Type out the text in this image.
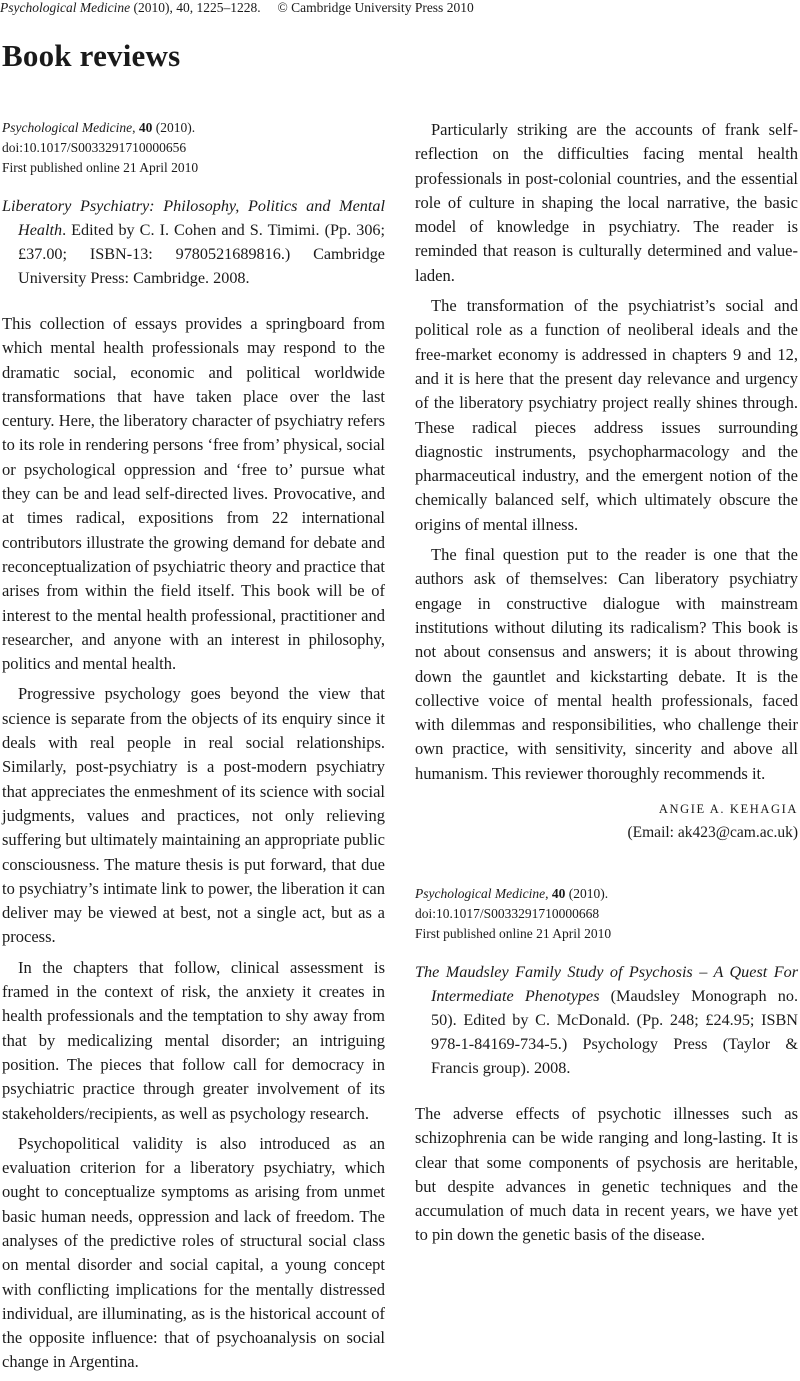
Psychological Medicine (2010), 40, 1225–1228. © Cambridge University Press 2010
Book reviews

Psychological Medicine, 40 (2010).

doi:10.1017/S0033291710000656

First published online 21 April 2010

Liberatory Psychiatry: Philosophy, Politics and Mental Health. Edited by C. I. Cohen and S. Timimi. (Pp. 306; £37.00; ISBN-13: 9780521689816.) Cambridge University Press: Cambridge. 2008.

This collection of essays provides a springboard from which mental health professionals may respond to the dramatic social, economic and political worldwide transformations that have taken place over the last century. Here, the liberatory character of psychiatry refers to its role in rendering persons ‘free from’ physical, social or psychological oppression and ‘free to’ pursue what they can be and lead self-directed lives. Provocative, and at times radical, expositions from 22 international contributors illustrate the growing demand for debate and reconceptualization of psychiatric theory and practice that arises from within the field itself. This book will be of interest to the mental health professional, practitioner and researcher, and anyone with an interest in philosophy, politics and mental health.

Progressive psychology goes beyond the view that science is separate from the objects of its enquiry since it deals with real people in real social relationships. Similarly, post-psychiatry is a post-modern psychiatry that appreciates the enmeshment of its science with social judgments, values and practices, not only relieving suffering but ultimately maintaining an appropriate public consciousness. The mature thesis is put forward, that due to psychiatry’s intimate link to power, the liberation it can deliver may be viewed at best, not a single act, but as a process.

In the chapters that follow, clinical assessment is framed in the context of risk, the anxiety it creates in health professionals and the temptation to shy away from that by medicalizing mental disorder; an intriguing position. The pieces that follow call for democracy in psychiatric practice through greater involvement of its stakeholders/recipients, as well as psychology research.

Psychopolitical validity is also introduced as an evaluation criterion for a liberatory psychiatry, which ought to conceptualize symptoms as arising from unmet basic human needs, oppression and lack of freedom. The analyses of the predictive roles of structural social class on mental disorder and social capital, a young concept with conflicting implications for the mentally distressed individual, are illuminating, as is the historical account of the opposite influence: that of psychoanalysis on social change in Argentina.

Particularly striking are the accounts of frank self-reflection on the difficulties facing mental health professionals in post-colonial countries, and the essential role of culture in shaping the local narrative, the basic model of knowledge in psychiatry. The reader is reminded that reason is culturally determined and value-laden.

The transformation of the psychiatrist’s social and political role as a function of neoliberal ideals and the free-market economy is addressed in chapters 9 and 12, and it is here that the present day relevance and urgency of the liberatory psychiatry project really shines through. These radical pieces address issues surrounding diagnostic instruments, psychopharmacology and the pharmaceutical industry, and the emergent notion of the chemically balanced self, which ultimately obscure the origins of mental illness.

The final question put to the reader is one that the authors ask of themselves: Can liberatory psychiatry engage in constructive dialogue with mainstream institutions without diluting its radicalism? This book is not about consensus and answers; it is about throwing down the gauntlet and kickstarting debate. It is the collective voice of mental health professionals, faced with dilemmas and responsibilities, who challenge their own practice, with sensitivity, sincerity and above all humanism. This reviewer thoroughly recommends it.

ANGIE A. KEHAGIA

(Email: ak423@cam.ac.uk)

Psychological Medicine, 40 (2010).

doi:10.1017/S0033291710000668

First published online 21 April 2010

The Maudsley Family Study of Psychosis – A Quest For Intermediate Phenotypes (Maudsley Monograph no. 50). Edited by C. McDonald. (Pp. 248; £24.95; ISBN 978-1-84169-734-5.) Psychology Press (Taylor & Francis group). 2008.

The adverse effects of psychotic illnesses such as schizophrenia can be wide ranging and long-lasting. It is clear that some components of psychosis are heritable, but despite advances in genetic techniques and the accumulation of much data in recent years, we have yet to pin down the genetic basis of the disease.
